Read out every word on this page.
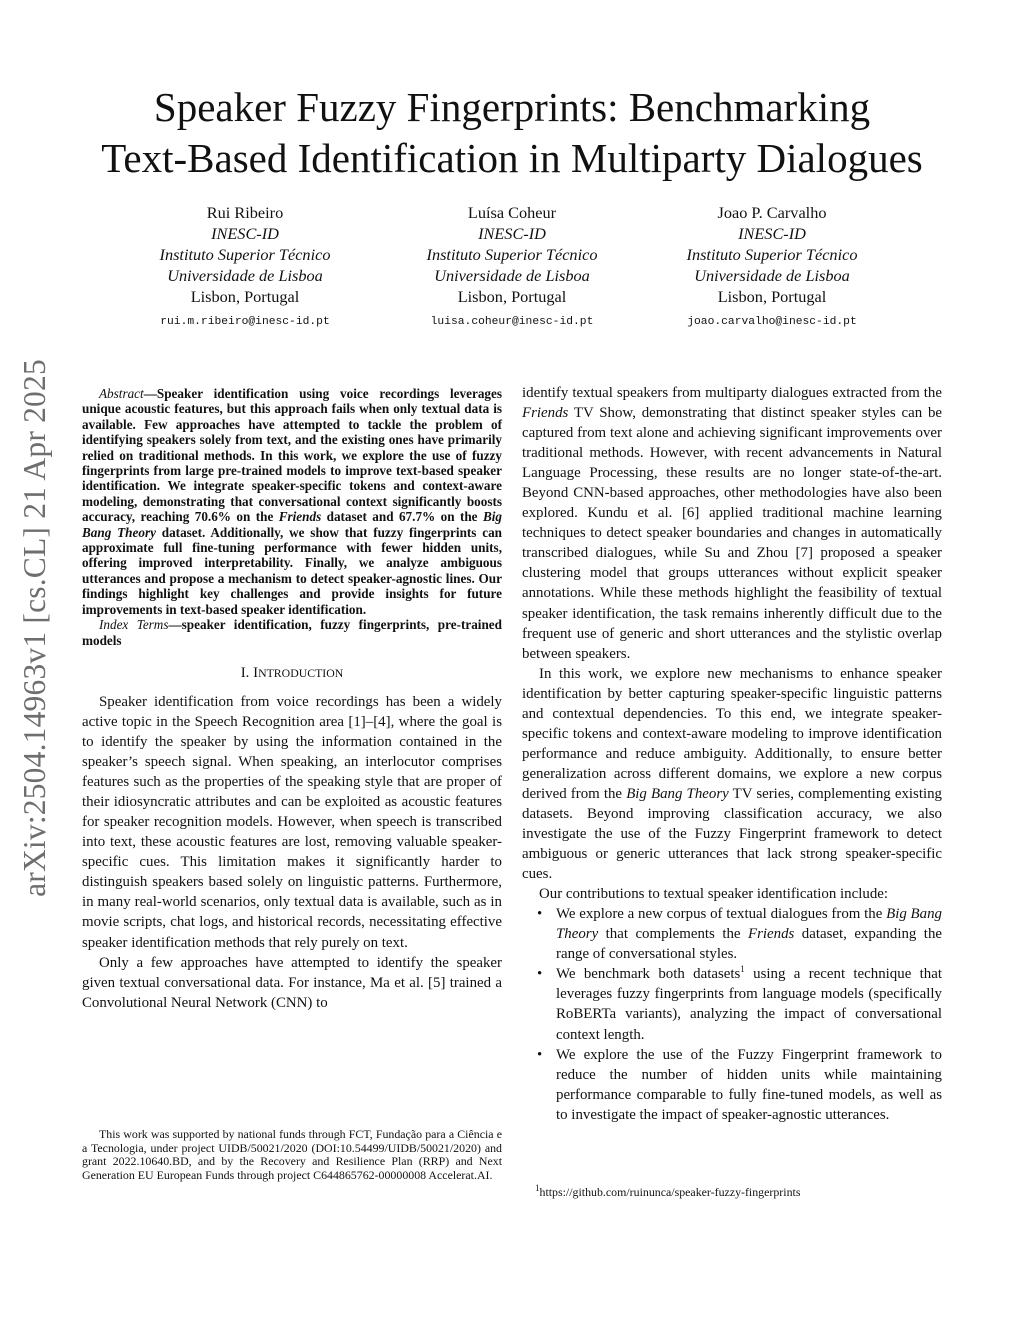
arXiv:2504.14963v1 [cs.CL] 21 Apr 2025
Speaker Fuzzy Fingerprints: Benchmarking
Text-Based Identification in Multiparty Dialogues
Rui Ribeiro
INESC-ID
Instituto Superior Técnico
Universidade de Lisboa
Lisbon, Portugal
rui.m.ribeiro@inesc-id.pt
Luísa Coheur
INESC-ID
Instituto Superior Técnico
Universidade de Lisboa
Lisbon, Portugal
luisa.coheur@inesc-id.pt
Joao P. Carvalho
INESC-ID
Instituto Superior Técnico
Universidade de Lisboa
Lisbon, Portugal
joao.carvalho@inesc-id.pt

Abstract—Speaker identification using voice recordings leverages unique acoustic features, but this approach fails when only textual data is available. Few approaches have attempted to tackle the problem of identifying speakers solely from text, and the existing ones have primarily relied on traditional methods. In this work, we explore the use of fuzzy fingerprints from large pre-trained models to improve text-based speaker identification. We integrate speaker-specific tokens and context-aware modeling, demonstrating that conversational context significantly boosts accuracy, reaching 70.6% on the Friends dataset and 67.7% on the Big Bang Theory dataset. Additionally, we show that fuzzy fingerprints can approximate full fine-tuning performance with fewer hidden units, offering improved interpretability. Finally, we analyze ambiguous utterances and propose a mechanism to detect speaker-agnostic lines. Our findings highlight key challenges and provide insights for future improvements in text-based speaker identification.

Index Terms—speaker identification, fuzzy fingerprints, pre-trained models

I. INTRODUCTION

Speaker identification from voice recordings has been a widely active topic in the Speech Recognition area [1]–[4], where the goal is to identify the speaker by using the information contained in the speaker’s speech signal. When speaking, an interlocutor comprises features such as the properties of the speaking style that are proper of their idiosyncratic attributes and can be exploited as acoustic features for speaker recognition models. However, when speech is transcribed into text, these acoustic features are lost, removing valuable speaker-specific cues. This limitation makes it significantly harder to distinguish speakers based solely on linguistic patterns. Furthermore, in many real-world scenarios, only textual data is available, such as in movie scripts, chat logs, and historical records, necessitating effective speaker identification methods that rely purely on text.

Only a few approaches have attempted to identify the speaker given textual conversational data. For instance, Ma et al. [5] trained a Convolutional Neural Network (CNN) to

This work was supported by national funds through FCT, Fundação para a Ciência e a Tecnologia, under project UIDB/50021/2020 (DOI:10.54499/UIDB/50021/2020) and grant 2022.10640.BD, and by the Recovery and Resilience Plan (RRP) and Next Generation EU European Funds through project C644865762-00000008 Accelerat.AI.

identify textual speakers from multiparty dialogues extracted from the Friends TV Show, demonstrating that distinct speaker styles can be captured from text alone and achieving significant improvements over traditional methods. However, with recent advancements in Natural Language Processing, these results are no longer state-of-the-art. Beyond CNN-based approaches, other methodologies have also been explored. Kundu et al. [6] applied traditional machine learning techniques to detect speaker boundaries and changes in automatically transcribed dialogues, while Su and Zhou [7] proposed a speaker clustering model that groups utterances without explicit speaker annotations. While these methods highlight the feasibility of textual speaker identification, the task remains inherently difficult due to the frequent use of generic and short utterances and the stylistic overlap between speakers.

In this work, we explore new mechanisms to enhance speaker identification by better capturing speaker-specific linguistic patterns and contextual dependencies. To this end, we integrate speaker-specific tokens and context-aware modeling to improve identification performance and reduce ambiguity. Additionally, to ensure better generalization across different domains, we explore a new corpus derived from the Big Bang Theory TV series, complementing existing datasets. Beyond improving classification accuracy, we also investigate the use of the Fuzzy Fingerprint framework to detect ambiguous or generic utterances that lack strong speaker-specific cues.

Our contributions to textual speaker identification include:

• We explore a new corpus of textual dialogues from the Big Bang Theory that complements the Friends dataset, expanding the range of conversational styles.
• We benchmark both datasets$^1$ using a recent technique that leverages fuzzy fingerprints from language models (specifically RoBERTa variants), analyzing the impact of conversational context length.
• We explore the use of the Fuzzy Fingerprint framework to reduce the number of hidden units while maintaining performance comparable to fully fine-tuned models, as well as to investigate the impact of speaker-agnostic utterances.
$^1$https://github.com/ruinunca/speaker-fuzzy-fingerprints
